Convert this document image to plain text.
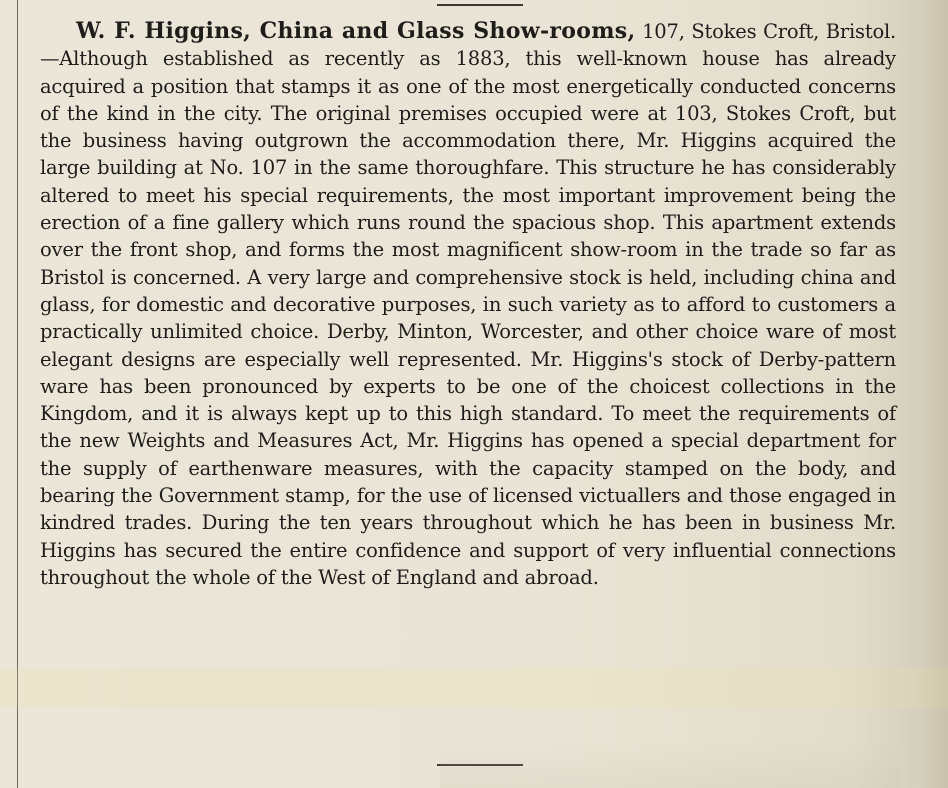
W. F. Higgins, China and Glass Show-rooms, 107, Stokes Croft, Bristol.—Although established as recently as 1883, this well-known house has already acquired a position that stamps it as one of the most energetically conducted concerns of the kind in the city. The original premises occupied were at 103, Stokes Croft, but the business having outgrown the accommodation there, Mr. Higgins acquired the large building at No. 107 in the same thoroughfare. This structure he has considerably altered to meet his special requirements, the most important improvement being the erection of a fine gallery which runs round the spacious shop. This apartment extends over the front shop, and forms the most magnificent show-room in the trade so far as Bristol is concerned. A very large and comprehensive stock is held, including china and glass, for domestic and decorative purposes, in such variety as to afford to customers a practically unlimited choice. Derby, Minton, Worcester, and other choice ware of most elegant designs are especially well represented. Mr. Higgins's stock of Derby-pattern ware has been pronounced by experts to be one of the choicest collections in the Kingdom, and it is always kept up to this high standard. To meet the requirements of the new Weights and Measures Act, Mr. Higgins has opened a special department for the supply of earthenware measures, with the capacity stamped on the body, and bearing the Government stamp, for the use of licensed victuallers and those engaged in kindred trades. During the ten years throughout which he has been in business Mr. Higgins has secured the entire confidence and support of very influential connections throughout the whole of the West of England and abroad.
